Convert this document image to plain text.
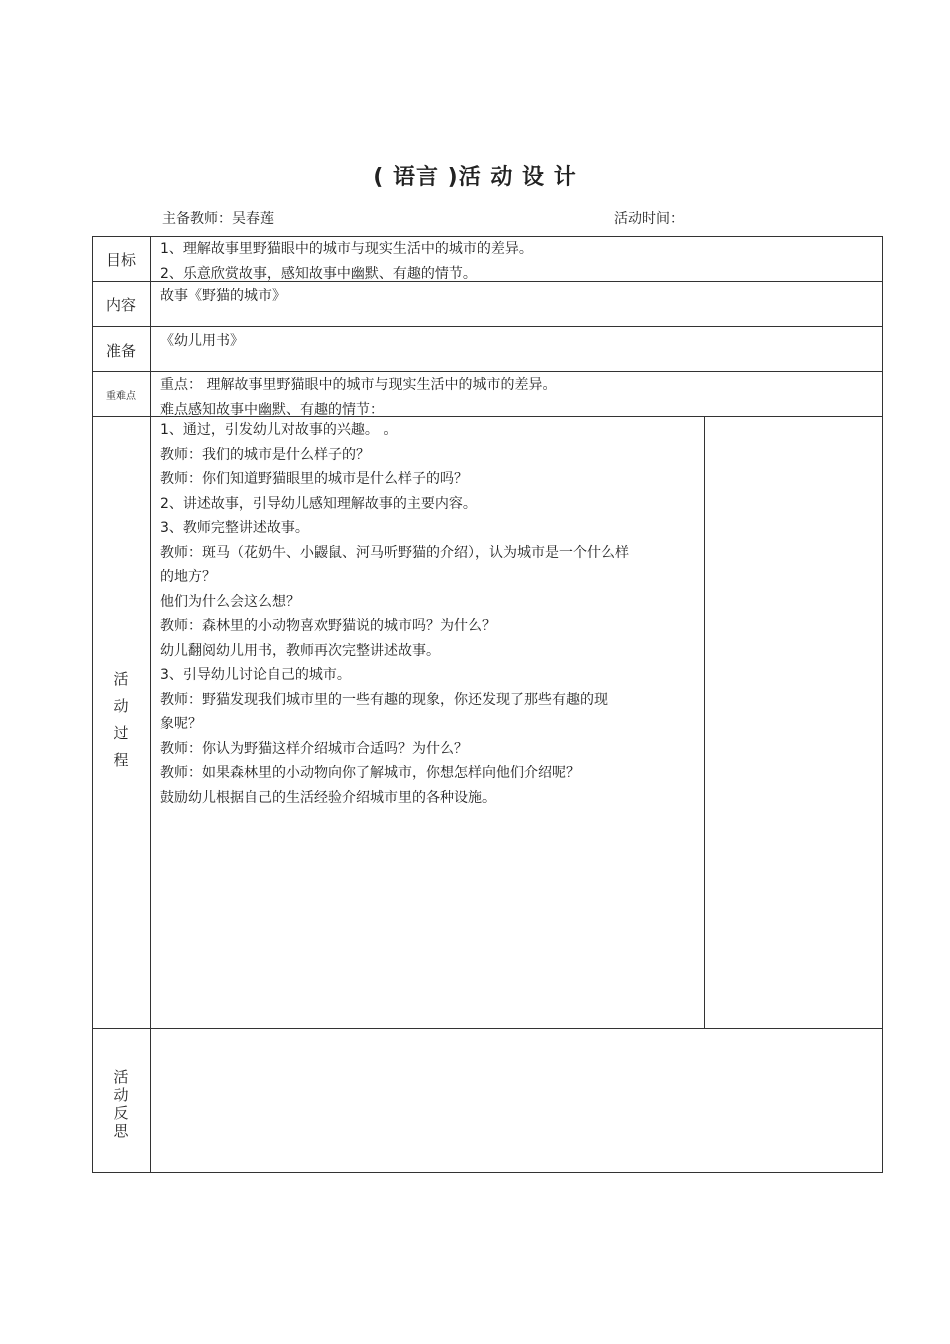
( 语言 )活 动 设 计
主备教师：吴春莲	活动时间：
目标
1、理解故事里野猫眼中的城市与现实生活中的城市的差异。
2、乐意欣赏故事，感知故事中幽默、有趣的情节。
内容	故事《野猫的城市》
准备
《幼儿用书》
重难点
重点： 理解故事里野猫眼中的城市与现实生活中的城市的差异。
难点感知故事中幽默、有趣的情节：
活
动
过
程
1、通过，引发幼儿对故事的兴趣。 。
教师：我们的城市是什么样子的？
教师：你们知道野猫眼里的城市是什么样子的吗？
2、讲述故事，引导幼儿感知理解故事的主要内容。
3、教师完整讲述故事。
教师：斑马（花奶牛、小鼹鼠、河马听野猫的介绍），认为城市是一个什么样
的地方？
他们为什么会这么想？
教师：森林里的小动物喜欢野猫说的城市吗？为什么？
幼儿翻阅幼儿用书，教师再次完整讲述故事。
3、引导幼儿讨论自己的城市。
教师：野猫发现我们城市里的一些有趣的现象，你还发现了那些有趣的现
象呢？
教师：你认为野猫这样介绍城市合适吗？为什么？
教师：如果森林里的小动物向你了解城市，你想怎样向他们介绍呢？
鼓励幼儿根据自己的生活经验介绍城市里的各种设施。
活
动
反
思
